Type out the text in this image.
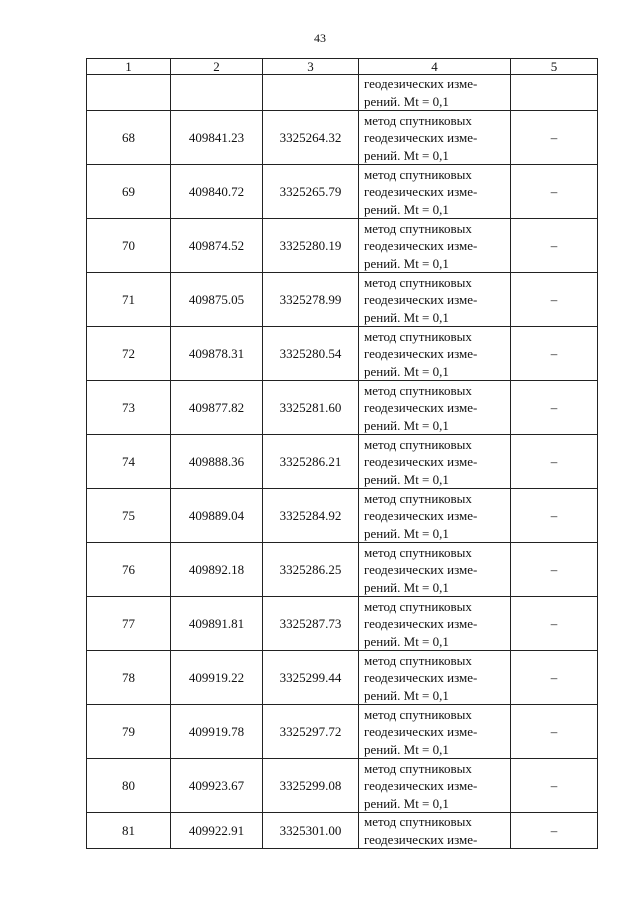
43
1	2	3	4	5
			геодезических изме-
рений. Mt = 0,1	
68	409841.23	3325264.32	метод спутниковых
геодезических изме-
рений. Mt = 0,1	–
69	409840.72	3325265.79	метод спутниковых
геодезических изме-
рений. Mt = 0,1	–
70	409874.52	3325280.19	метод спутниковых
геодезических изме-
рений. Mt = 0,1	–
71	409875.05	3325278.99	метод спутниковых
геодезических изме-
рений. Mt = 0,1	–
72	409878.31	3325280.54	метод спутниковых
геодезических изме-
рений. Mt = 0,1	–
73	409877.82	3325281.60	метод спутниковых
геодезических изме-
рений. Mt = 0,1	–
74	409888.36	3325286.21	метод спутниковых
геодезических изме-
рений. Mt = 0,1	–
75	409889.04	3325284.92	метод спутниковых
геодезических изме-
рений. Mt = 0,1	–
76	409892.18	3325286.25	метод спутниковых
геодезических изме-
рений. Mt = 0,1	–
77	409891.81	3325287.73	метод спутниковых
геодезических изме-
рений. Mt = 0,1	–
78	409919.22	3325299.44	метод спутниковых
геодезических изме-
рений. Mt = 0,1	–
79	409919.78	3325297.72	метод спутниковых
геодезических изме-
рений. Mt = 0,1	–
80	409923.67	3325299.08	метод спутниковых
геодезических изме-
рений. Mt = 0,1	–
81	409922.91	3325301.00	метод спутниковых
геодезических изме-	–
